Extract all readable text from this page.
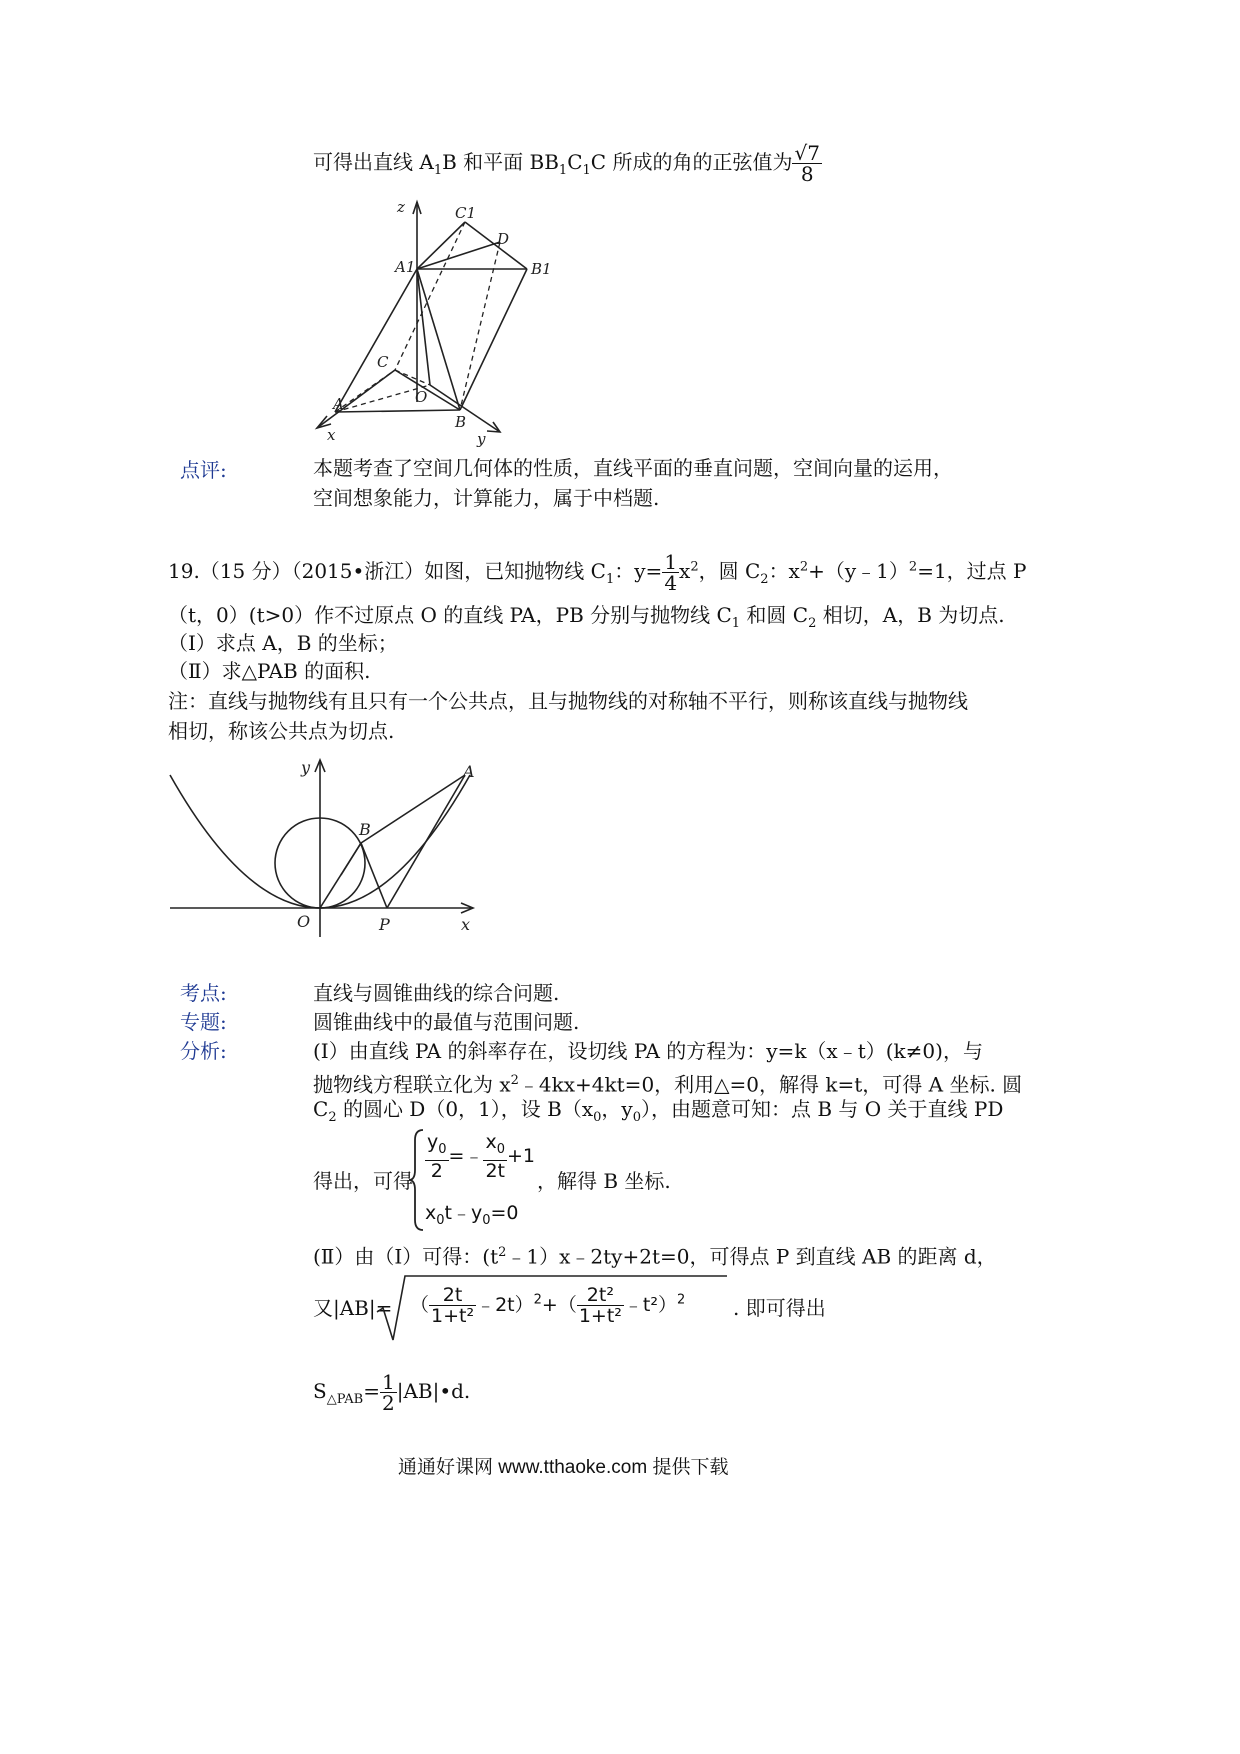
可得出直线 $A_1B$ 和平面 $BB_1C_1C$ 所成的角的正弦值为 $\frac{√7}{8}$
z	C1
D
A1	B1
C
O
A
B
x	y
点评:	本题考查了空间几何体的性质，直线平面的垂直问题，空间向量的运用，
空间想象能力，计算能力，属于中档题.
19.（15 分）（2015•浙江）如图，已知抛物线 $C_1$：$y= \frac{1}{4} x^2$，圆 $C_2$：$x^2+(y﹣1)^2=1$，过点 P
（t，0）(t>0）作不过原点 O 的直线 PA，PB 分别与抛物线 $C_1$ 和圆 $C_2$ 相切，A，B 为切点.
（Ⅰ）求点 A，B 的坐标；
（Ⅱ）求△PAB 的面积.
注：直线与抛物线有且只有一个公共点，且与抛物线的对称轴不平行，则称该直线与抛物线
相切，称该公共点为切点.
y	A
B
O	P	x
考点:	直线与圆锥曲线的综合问题.
专题:	圆锥曲线中的最值与范围问题.
分析:	(I）由直线 PA 的斜率存在，设切线 PA 的方程为：y=k（x﹣t）(k≠0)，与
抛物线方程联立化为 $x^2﹣4kx+4kt=0$，利用△=0，解得 k=t，可得 A 坐标. 圆
$C_2$ 的圆心 D（0，1），设 $B(x_0$，$y_0$），由题意可知：点 B 与 O 关于直线 PD
得出，可得
$\frac{y_0}{2}$ =﹣ $\frac{x_0}{2t} +1$
$x_0t﹣y_0=0$
，解得 B 坐标.
(Ⅱ）由（I）可得：$(t^2﹣1)x﹣2ty+2t=0$，可得点 P 到直线 AB 的距离 d，
又|AB|= （ $\frac{2t}{\text{1+t²}}$ ﹣2t）$^2$+（ $\frac{\text{2t²}}{\text{1+t²}}$ ﹣t²）$^2$ . 即可得出
$S_{\triangle PAB}= \frac{1}{2}$ |AB|•d.
通通好课网 www.tthaoke.com 提供下载
